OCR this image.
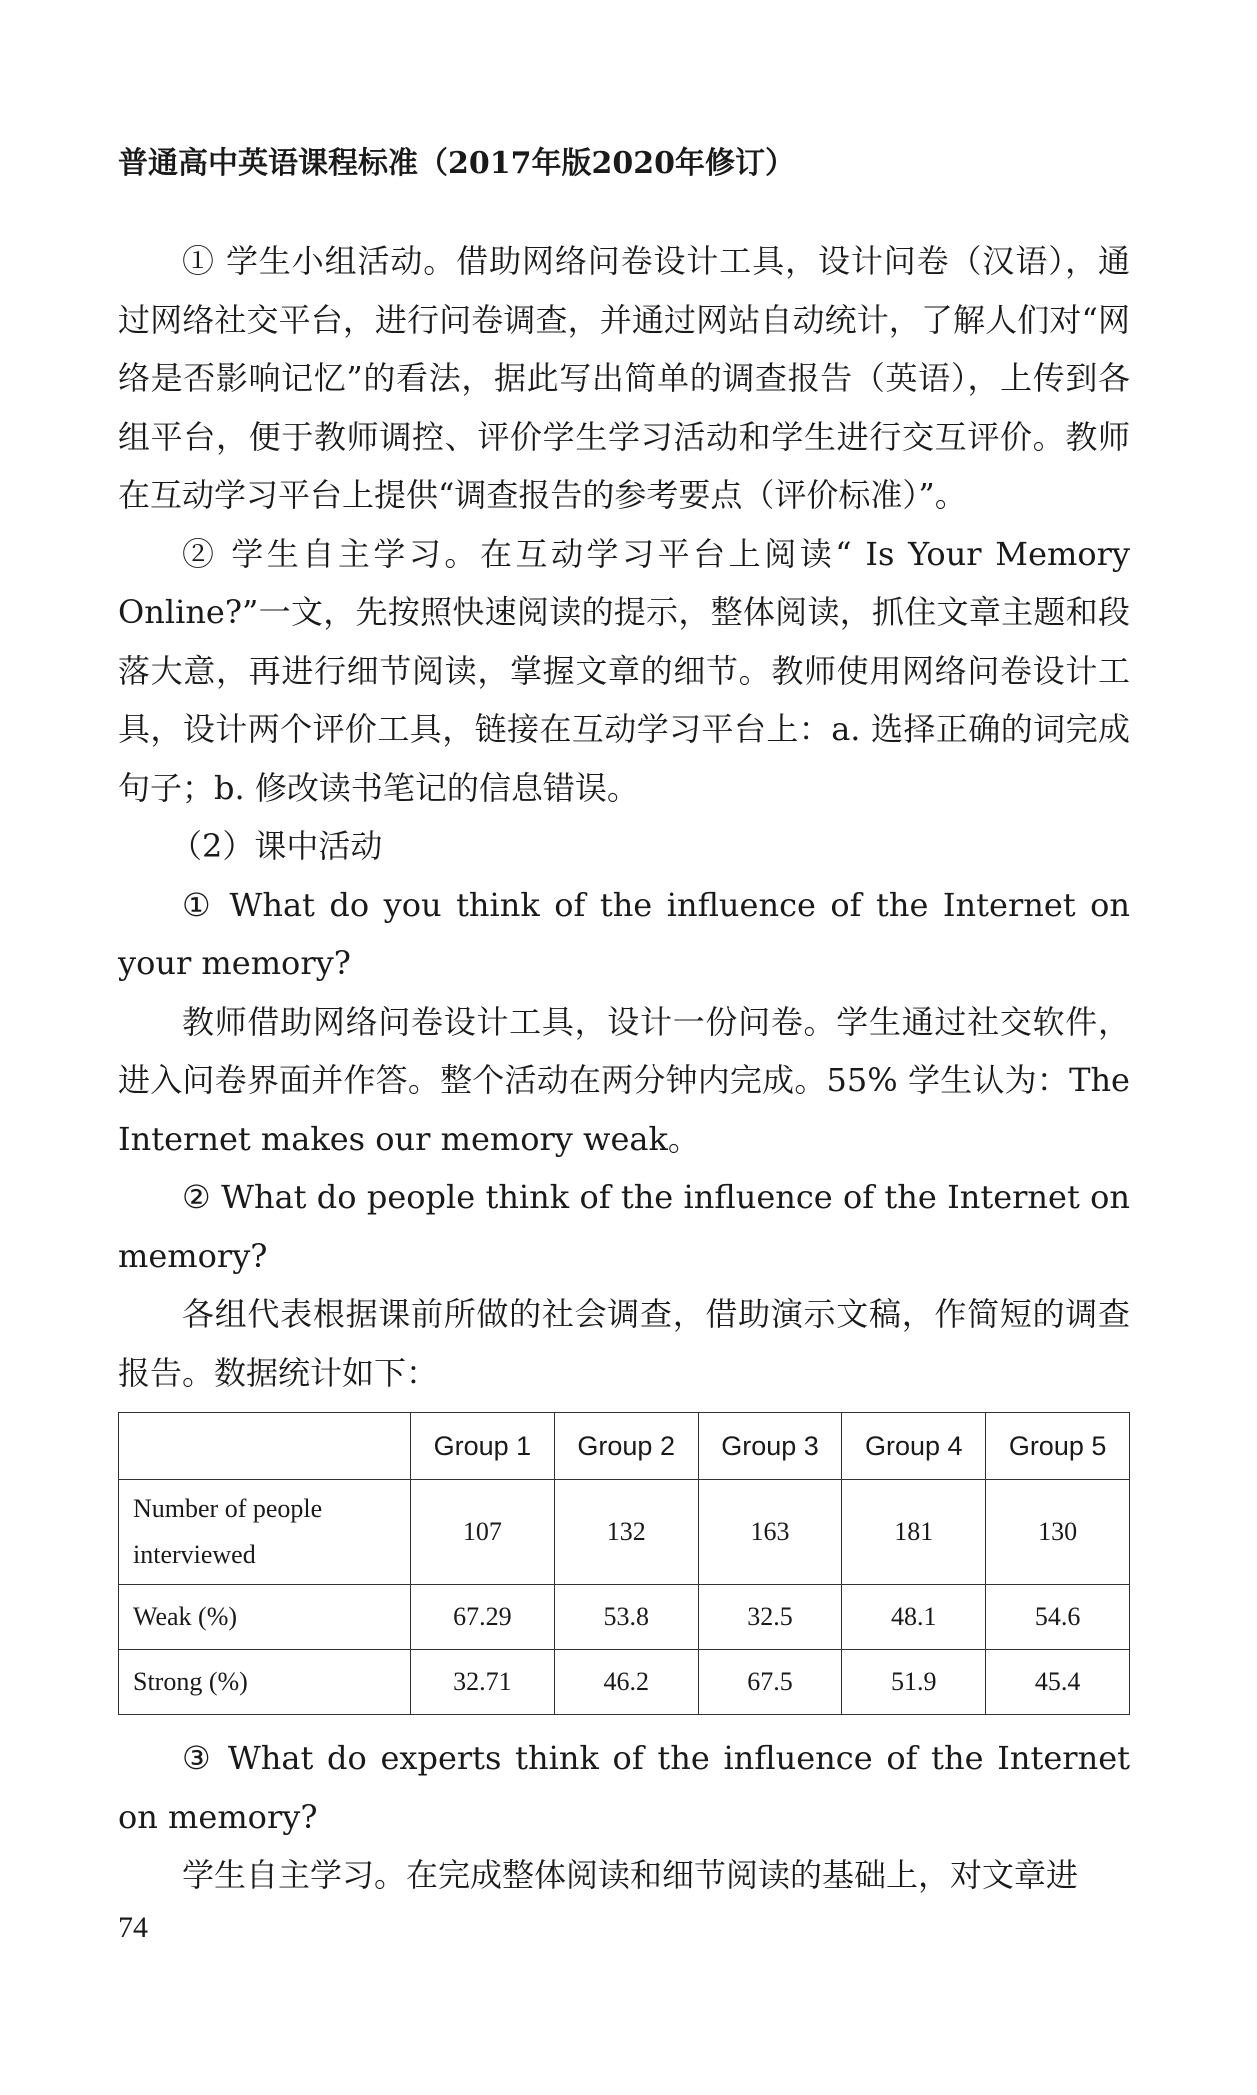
普通高中英语课程标准（2017年版2020年修订）

① 学生小组活动。借助网络问卷设计工具，设计问卷（汉语），通过网络社交平台，进行问卷调查，并通过网站自动统计，了解人们对“网络是否影响记忆”的看法，据此写出简单的调查报告（英语），上传到各组平台，便于教师调控、评价学生学习活动和学生进行交互评价。教师在互动学习平台上提供“调查报告的参考要点（评价标准）”。

② 学生自主学习。在互动学习平台上阅读“ Is Your Memory Online?”一文，先按照快速阅读的提示，整体阅读，抓住文章主题和段落大意，再进行细节阅读，掌握文章的细节。教师使用网络问卷设计工具，设计两个评价工具，链接在互动学习平台上：a. 选择正确的词完成句子；b. 修改读书笔记的信息错误。

（2）课中活动

① What do you think of the influence of the Internet on your memory?

教师借助网络问卷设计工具，设计一份问卷。学生通过社交软件，进入问卷界面并作答。整个活动在两分钟内完成。55% 学生认为：The Internet makes our memory weak。

② What do people think of the influence of the Internet on memory?

各组代表根据课前所做的社会调查，借助演示文稿，作简短的调查报告。数据统计如下：

	Group 1	Group 2	Group 3	Group 4	Group 5
Number of people interviewed	107	132	163	181	130
Weak (%)	67.29	53.8	32.5	48.1	54.6
Strong (%)	32.71	46.2	67.5	51.9	45.4

③ What do experts think of the influence of the Internet on memory?

学生自主学习。在完成整体阅读和细节阅读的基础上，对文章进

74
